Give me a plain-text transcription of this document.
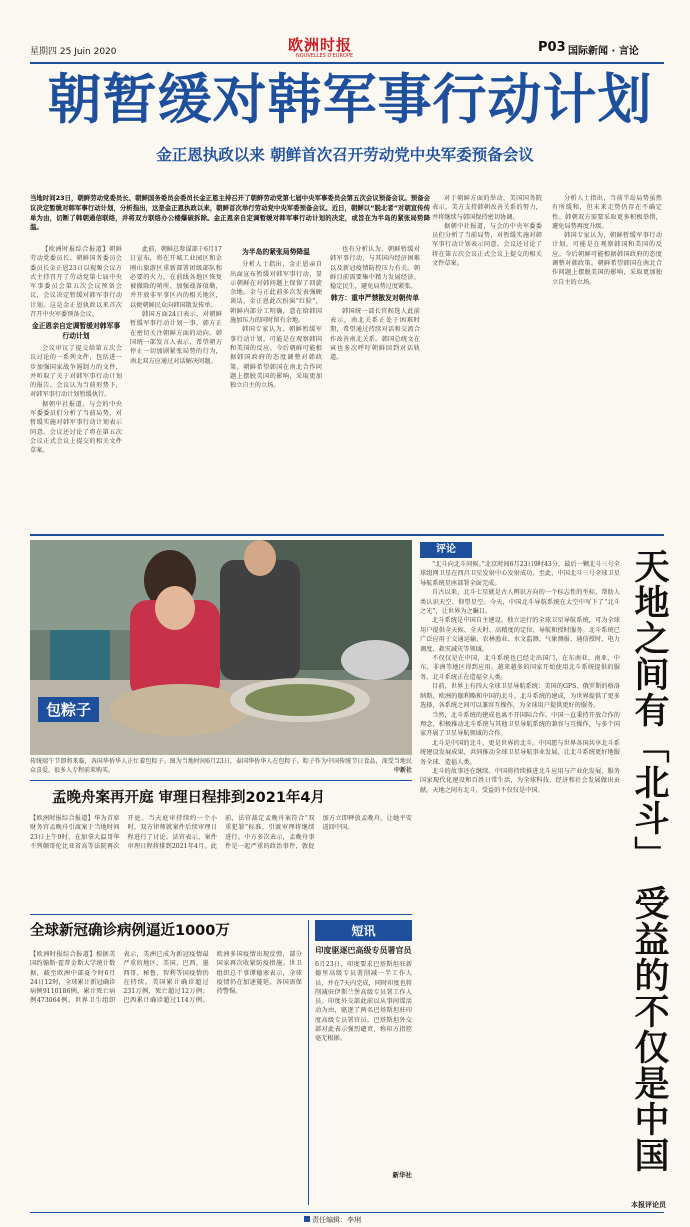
星期四 25 Juin 2020	欧洲时报
NOUVELLES D'EUROPE
P03 国际新闻 · 言论
朝暂缓对韩军事行动计划
金正恩执政以来 朝鲜首次召开劳动党中央军委预备会议
当地时间23日，朝鲜劳动党委员长、朝鲜国务委员会委员长金正恩主持召开了朝鲜劳动党第七届中央军事委员会第五次会议预备会议。预备会议决定暂缓对韩军事行动计划，分析指出，这是金正恩执政以来，朝鲜首次举行劳动党中央军委预备会议。近日，朝鲜以“脱北者”对朝宣传传单为由，切断了韩朝通信联络，并将双方联络办公楼爆破拆除。金正恩亲自定调暂缓对韩军事行动计划的决定，或旨在为半岛的紧张局势降温。

【欧洲时报综合报道】朝鲜劳动党委员长、朝鲜国务委员会委员长金正恩23日以视频会议方式主持召开了劳动党第七届中央军事委员会第五次会议预备会议，会议决定暂缓对韩军事行动计划。这是金正恩执政以来首次召开中央军委预备会议。

金正恩亲自定调暂缓对韩军事行动计划

会议审议了提交给第五次会议讨论的一系列文件，包括进一步加强国家战争遏制力的文件，并听取了关于对韩军事行动计划的报告。会议认为当前形势下，对韩军事行动计划暂缓执行。

据朝中社报道，与会的中央军委委员们分析了当前局势，对暂缓实施对韩军事行动计划表示同意。会议还讨论了将在第五次会议正式会议上提交的相关文件草案。

此前，朝鲜总参谋部于6月17日宣布，将在开城工业园区和金刚山旅游区重新部署团级部队和必要的火力，在前线各地区恢复被撤除的哨所、加强战备值勤，并开放非军事区内的相关地区，以便朝鲜民众向韩国散发传单。

韩国方面24日表示，对朝鲜暂缓军事行动计划一事，韩方正在密切关注朝鲜方面的动向。韩国统一部发言人表示，希望朝方停止一切加剧紧张局势的行为，南北双方应通过对话解决问题。

为半岛的紧张局势降温

分析人士指出，金正恩亲自出面宣布暂缓对韩军事行动，显示朝鲜在对韩问题上保留了回旋余地。金与正此前多次发表强硬谈话，金正恩此次扮演“红脸”，朝鲜内部分工明确，意在给韩国施加压力的同时留有余地。

韩国专家认为，朝鲜暂缓军事行动计划，可能是在观察韩国和美国的反应。今后朝鲜可能根据韩国政府的态度调整对韩政策。朝鲜希望韩国在南北合作问题上摆脱美国的影响，采取更加独立自主的立场。

也有分析认为，朝鲜暂缓对韩军事行动，与其国内经济困难以及新冠疫情防控压力有关。朝鲜目前需要集中精力发展经济、稳定民生，避免局势过度紧张。

韩方：重申严禁散发对朝传单

韩国统一部长官候选人此前表示，南北关系正处于困难时期，希望通过持续对话和交流合作改善南北关系。韩国总统文在寅也多次呼吁朝鲜回到对话轨道。

对于朝鲜方面的举动，美国国务院表示，美方支持韩朝改善关系的努力，并将继续与韩国保持密切协调。

据朝中社报道，与会的中央军委委员们分析了当前局势，对暂缓实施对韩军事行动计划表示同意。会议还讨论了将在第五次会议正式会议上提交的相关文件草案。

分析人士指出，当前半岛局势虽然有所缓和，但未来走势仍存在不确定性。韩朝双方需要采取更多积极举措，避免局势再度升级。

韩国专家认为，朝鲜暂缓军事行动计划，可能是在观察韩国和美国的反应。今后朝鲜可能根据韩国政府的态度调整对韩政策。朝鲜希望韩国在南北合作问题上摆脱美国的影响，采取更加独立自主的立场。

包粽子
传统端午节即将来临，各国华侨华人正忙着包粽子。图为当地时间6月23日，泰国华侨华人在包粽子。粽子作为中国传统节日食品，深受当地民众喜爱，很多人专程前来购买。	中新社
孟晚舟案再开庭 审理日程排到2021年4月
【欧洲时报综合报道】华为首席财务官孟晚舟引渡案于当地时间23日上午9时，在加拿大温哥华不列颠哥伦比亚省高等法院再次开庭。当天庭审持续约一个小时，双方律师就案件后续审理日程进行了讨论。法官表示，案件审理日程将排到2021年4月。此前，法官裁定孟晚舟案符合“双重犯罪”标准，引渡审理将继续进行。中方多次表示，孟晚舟事件是一起严重的政治事件，敦促加方立即释放孟晚舟，让她平安返回中国。
全球新冠确诊病例逼近1000万
【欧洲时报综合报道】根据美国约翰斯·霍普金斯大学统计数据，截至欧洲中部夏令时6月24日12时，全球累计新冠确诊病例9110186例，累计死亡病例473064例。世界卫生组织表示，美洲已成为新冠疫情最严重的地区，美国、巴西、墨西哥、秘鲁、智利等国疫情仍在持续。美国累计确诊超过231万例，死亡超过12万例；巴西累计确诊超过114万例。欧洲多国疫情出现反弹，部分国家再次收紧防疫措施。世卫组织总干事谭德塞表示，全球疫情仍在加速蔓延，各国需保持警惕。
短讯
印度驱逐巴高级专员署官员
6月23日，印度要求巴基斯坦驻新德里高级专员署削减一半工作人员，并在7天内完成，同时印度也将削减驻伊斯兰堡高级专员署工作人员。印度外交部此前以从事间谍活动为由，驱逐了两名巴基斯坦驻印度高级专员署官员。巴基斯坦外交部对此表示强烈谴责，称印方指控毫无根据。
新华社
评论

“北斗向北斗问候。”北京时间6月23日9时43分，最后一颗北斗三号全球组网卫星在西昌卫星发射中心发射成功，至此，中国北斗三号全球卫星导航系统星座部署全面完成。

自古以来，北斗七星就是古人辨识方向的一个标志性的坐标，帮助人类认识天空、仰望星空。今天，中国北斗导航系统在太空中写下了“北斗之光”，让世界为之瞩目。

北斗系统是中国自主建设、独立运行的全球卫星导航系统，可为全球用户提供全天候、全天时、高精度的定位、导航和授时服务。北斗系统已广泛应用于交通运输、农林渔业、水文监测、气象测报、通信授时、电力调度、救灾减灾等领域。

不仅仅是在中国，北斗系统也已经走出国门，在东南亚、南亚、中东、非洲等地区得到应用。越来越多的国家开始使用北斗系统提供的服务，北斗系统正在造福全人类。

目前，世界上有四大全球卫星导航系统：美国的GPS、俄罗斯的格洛纳斯、欧洲的伽利略和中国的北斗。北斗系统的建成，为世界提供了更多选择，各系统之间可以兼容互操作，为全球用户提供更好的服务。

当然，北斗系统的建成也离不开国际合作。中国一直秉持开放合作的理念，积极推动北斗系统与其他卫星导航系统的兼容与互操作，与多个国家开展了卫星导航领域的合作。

北斗是中国的北斗，更是世界的北斗。中国愿与世界各国共享北斗系统建设发展成果，共同推动全球卫星导航事业发展，让北斗系统更好地服务全球、造福人类。

北斗的故事还在继续。中国将持续推进北斗应用与产业化发展，服务国家现代化建设和百姓日常生活，为全球科技、经济和社会发展做出贡献。天地之间有北斗，受益的不仅仅是中国。

本报评论员
天地之间有「北斗」 受益的不仅是中国
责任编辑：李琍
